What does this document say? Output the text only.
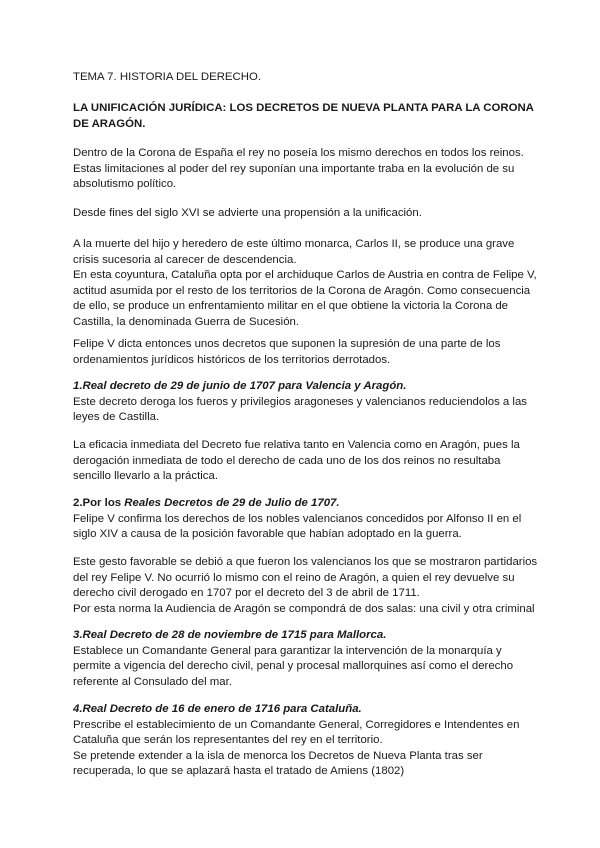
TEMA 7. HISTORIA DEL DERECHO.
LA UNIFICACIÓN JURÍDICA: LOS DECRETOS DE NUEVA PLANTA PARA LA CORONA
DE ARAGÓN.
Dentro de la Corona de España el rey no poseía los mismo derechos en todos los reinos.
Estas limitaciones al poder del rey suponían una importante traba en la evolución de su
absolutismo político.
Desde fines del siglo XVI se advierte una propensión a la unificación.
A la muerte del hijo y heredero de este último monarca, Carlos II, se produce una grave
crisis sucesoria al carecer de descendencia.
En esta coyuntura, Cataluña opta por el archiduque Carlos de Austria en contra de Felipe V,
actitud asumida por el resto de los territorios de la Corona de Aragón. Como consecuencia
de ello, se produce un enfrentamiento militar en el que obtiene la victoria la Corona de
Castilla, la denominada Guerra de Sucesión.
Felipe V dicta entonces unos decretos que suponen la supresión de una parte de los
ordenamientos jurídicos históricos de los territorios derrotados.
1.Real decreto de 29 de junio de 1707 para Valencia y Aragón.
Este decreto deroga los fueros y privilegios aragoneses y valencianos reduciendolos a las
leyes de Castilla.
La eficacia inmediata del Decreto fue relativa tanto en Valencia como en Aragón, pues la
derogación inmediata de todo el derecho de cada uno de los dos reinos no resultaba
sencillo llevarlo a la práctica.
2.Por los Reales Decretos de 29 de Julio de 1707.
Felipe V confirma los derechos de los nobles valencianos concedidos por Alfonso II en el
siglo XIV a causa de la posición favorable que habían adoptado en la guerra.
Este gesto favorable se debió a que fueron los valencianos los que se mostraron partidarios
del rey Felipe V. No ocurrió lo mismo con el reino de Aragón, a quien el rey devuelve su
derecho civil derogado en 1707 por el decreto del 3 de abril de 1711.
Por esta norma la Audiencia de Aragón se compondrá de dos salas: una civil y otra criminal
3.Real Decreto de 28 de noviembre de 1715 para Mallorca.
Establece un Comandante General para garantizar la intervención de la monarquía y
permite a vigencia del derecho civil, penal y procesal mallorquines así como el derecho
referente al Consulado del mar.
4.Real Decreto de 16 de enero de 1716 para Cataluña.
Prescribe el establecimiento de un Comandante General, Corregidores e Intendentes en
Cataluña que serán los representantes del rey en el territorio.
Se pretende extender a la isla de menorca los Decretos de Nueva Planta tras ser
recuperada, lo que se aplazará hasta el tratado de Amiens (1802)
